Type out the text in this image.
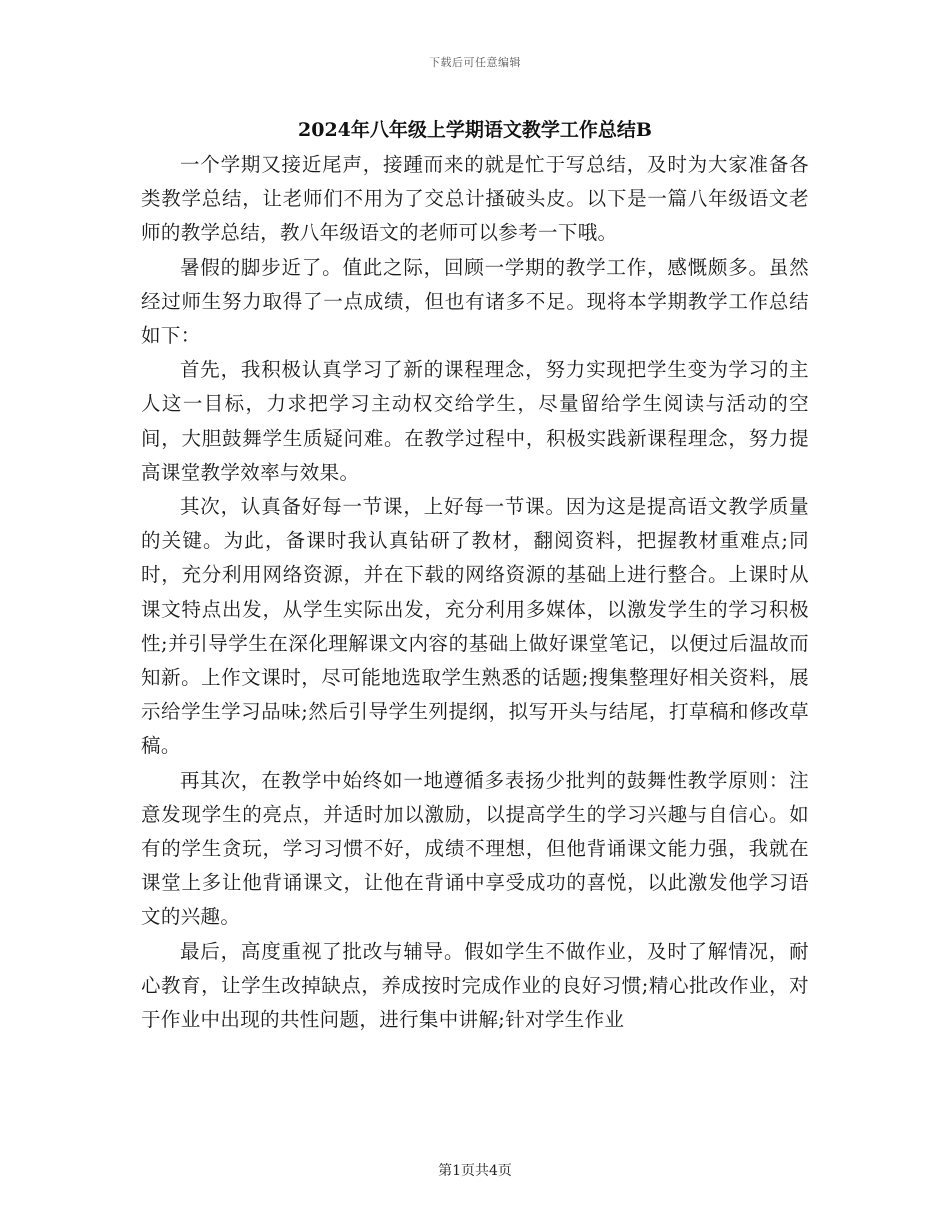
下载后可任意编辑
2024年八年级上学期语文教学工作总结B

一个学期又接近尾声，接踵而来的就是忙于写总结，及时为大家准备各类教学总结，让老师们不用为了交总计搔破头皮。以下是一篇八年级语文老师的教学总结，教八年级语文的老师可以参考一下哦。

暑假的脚步近了。值此之际，回顾一学期的教学工作，感慨颇多。虽然经过师生努力取得了一点成绩，但也有诸多不足。现将本学期教学工作总结如下：

首先，我积极认真学习了新的课程理念，努力实现把学生变为学习的主人这一目标，力求把学习主动权交给学生，尽量留给学生阅读与活动的空间，大胆鼓舞学生质疑问难。在教学过程中，积极实践新课程理念，努力提高课堂教学效率与效果。

其次，认真备好每一节课，上好每一节课。因为这是提高语文教学质量的关键。为此，备课时我认真钻研了教材，翻阅资料，把握教材重难点;同时，充分利用网络资源，并在下载的网络资源的基础上进行整合。上课时从课文特点出发，从学生实际出发，充分利用多媒体，以激发学生的学习积极性;并引导学生在深化理解课文内容的基础上做好课堂笔记，以便过后温故而知新。上作文课时，尽可能地选取学生熟悉的话题;搜集整理好相关资料，展示给学生学习品味;然后引导学生列提纲，拟写开头与结尾，打草稿和修改草稿。

再其次，在教学中始终如一地遵循多表扬少批判的鼓舞性教学原则：注意发现学生的亮点，并适时加以激励，以提高学生的学习兴趣与自信心。如有的学生贪玩，学习习惯不好，成绩不理想，但他背诵课文能力强，我就在课堂上多让他背诵课文，让他在背诵中享受成功的喜悦，以此激发他学习语文的兴趣。

最后，高度重视了批改与辅导。假如学生不做作业，及时了解情况，耐心教育，让学生改掉缺点，养成按时完成作业的良好习惯;精心批改作业，对于作业中出现的共性问题，进行集中讲解;针对学生作业

第1页共4页
